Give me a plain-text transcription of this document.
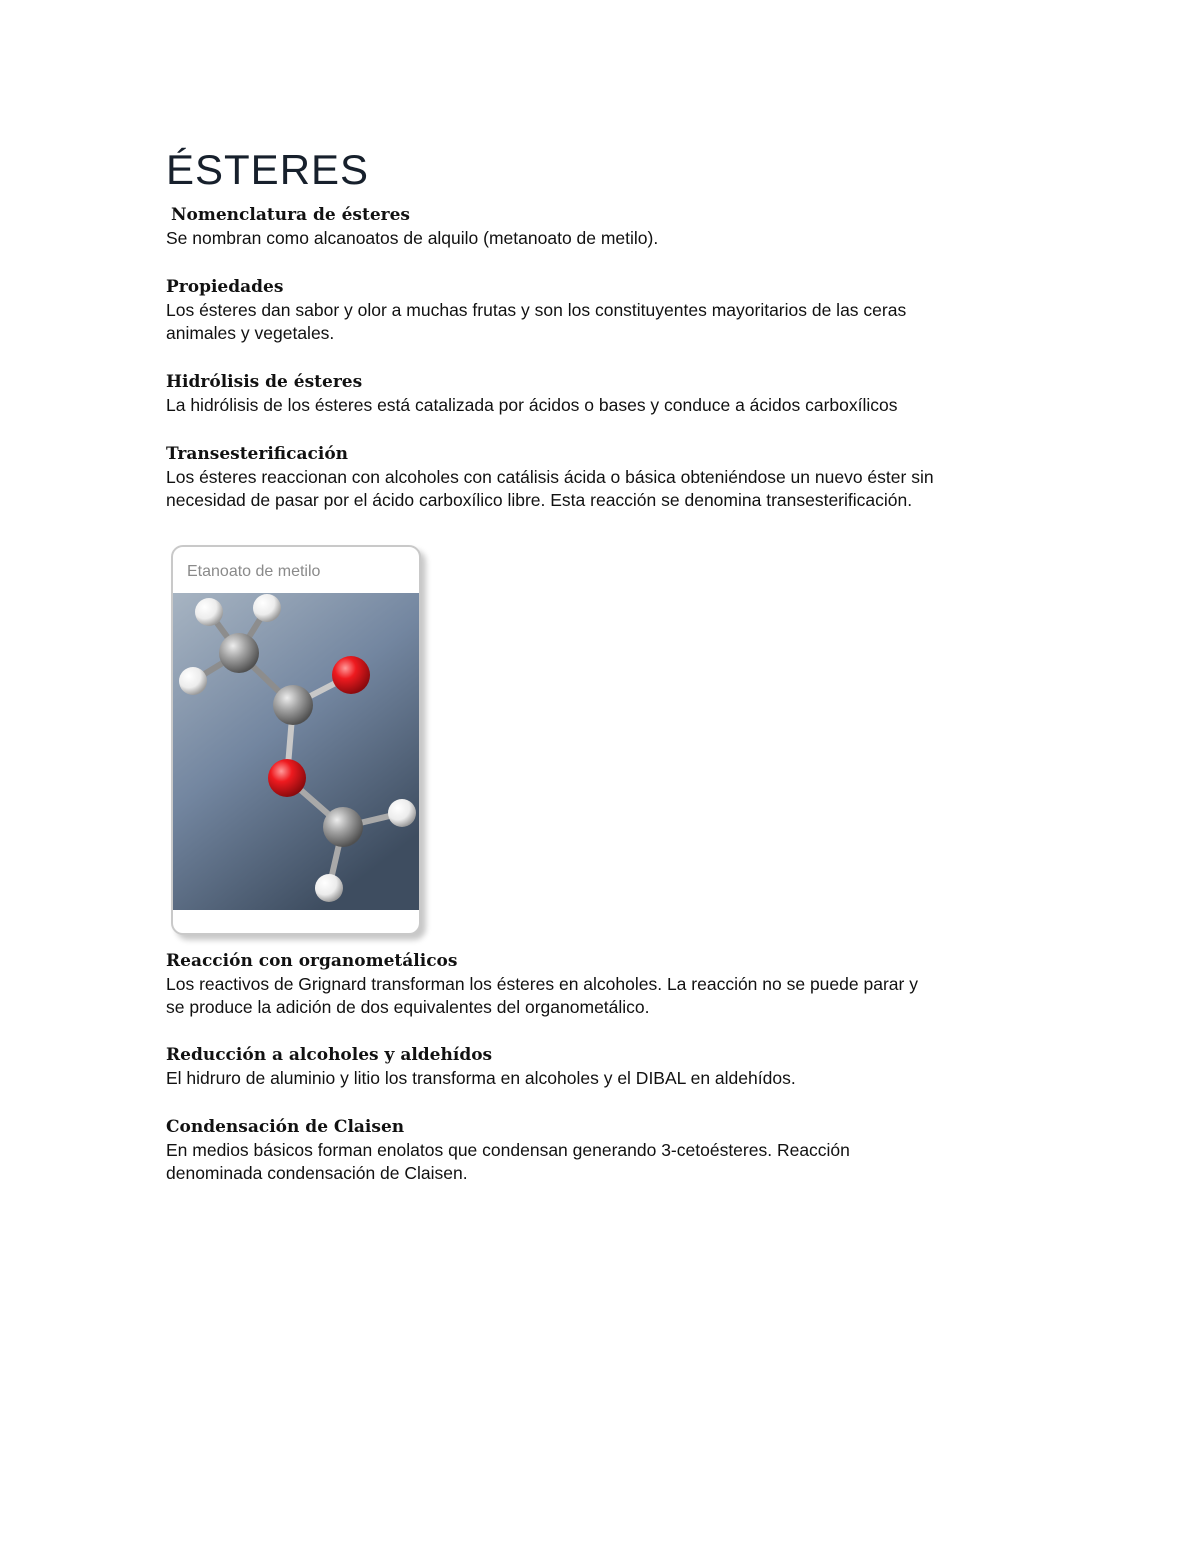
ÉSTERES

Nomenclatura de ésteres

Se nombran como alcanoatos de alquilo (metanoato de metilo).

Propiedades

Los ésteres dan sabor y olor a muchas frutas y son los constituyentes mayoritarios de las ceras

animales y vegetales.

Hidrólisis de ésteres

La hidrólisis de los ésteres está catalizada por ácidos o bases y conduce a ácidos carboxílicos

Transesterificación

Los ésteres reaccionan con alcoholes con catálisis ácida o básica obteniéndose un nuevo éster sin

necesidad de pasar por el ácido carboxílico libre. Esta reacción se denomina transesterificación.

Etanoato de metilo

Reacción con organometálicos

Los reactivos de Grignard transforman los ésteres en alcoholes. La reacción no se puede parar y

se produce la adición de dos equivalentes del organometálico.

Reducción a alcoholes y aldehídos

El hidruro de aluminio y litio los transforma en alcoholes y el DIBAL en aldehídos.

Condensación de Claisen

En medios básicos forman enolatos que condensan generando 3-cetoésteres. Reacción

denominada condensación de Claisen.
